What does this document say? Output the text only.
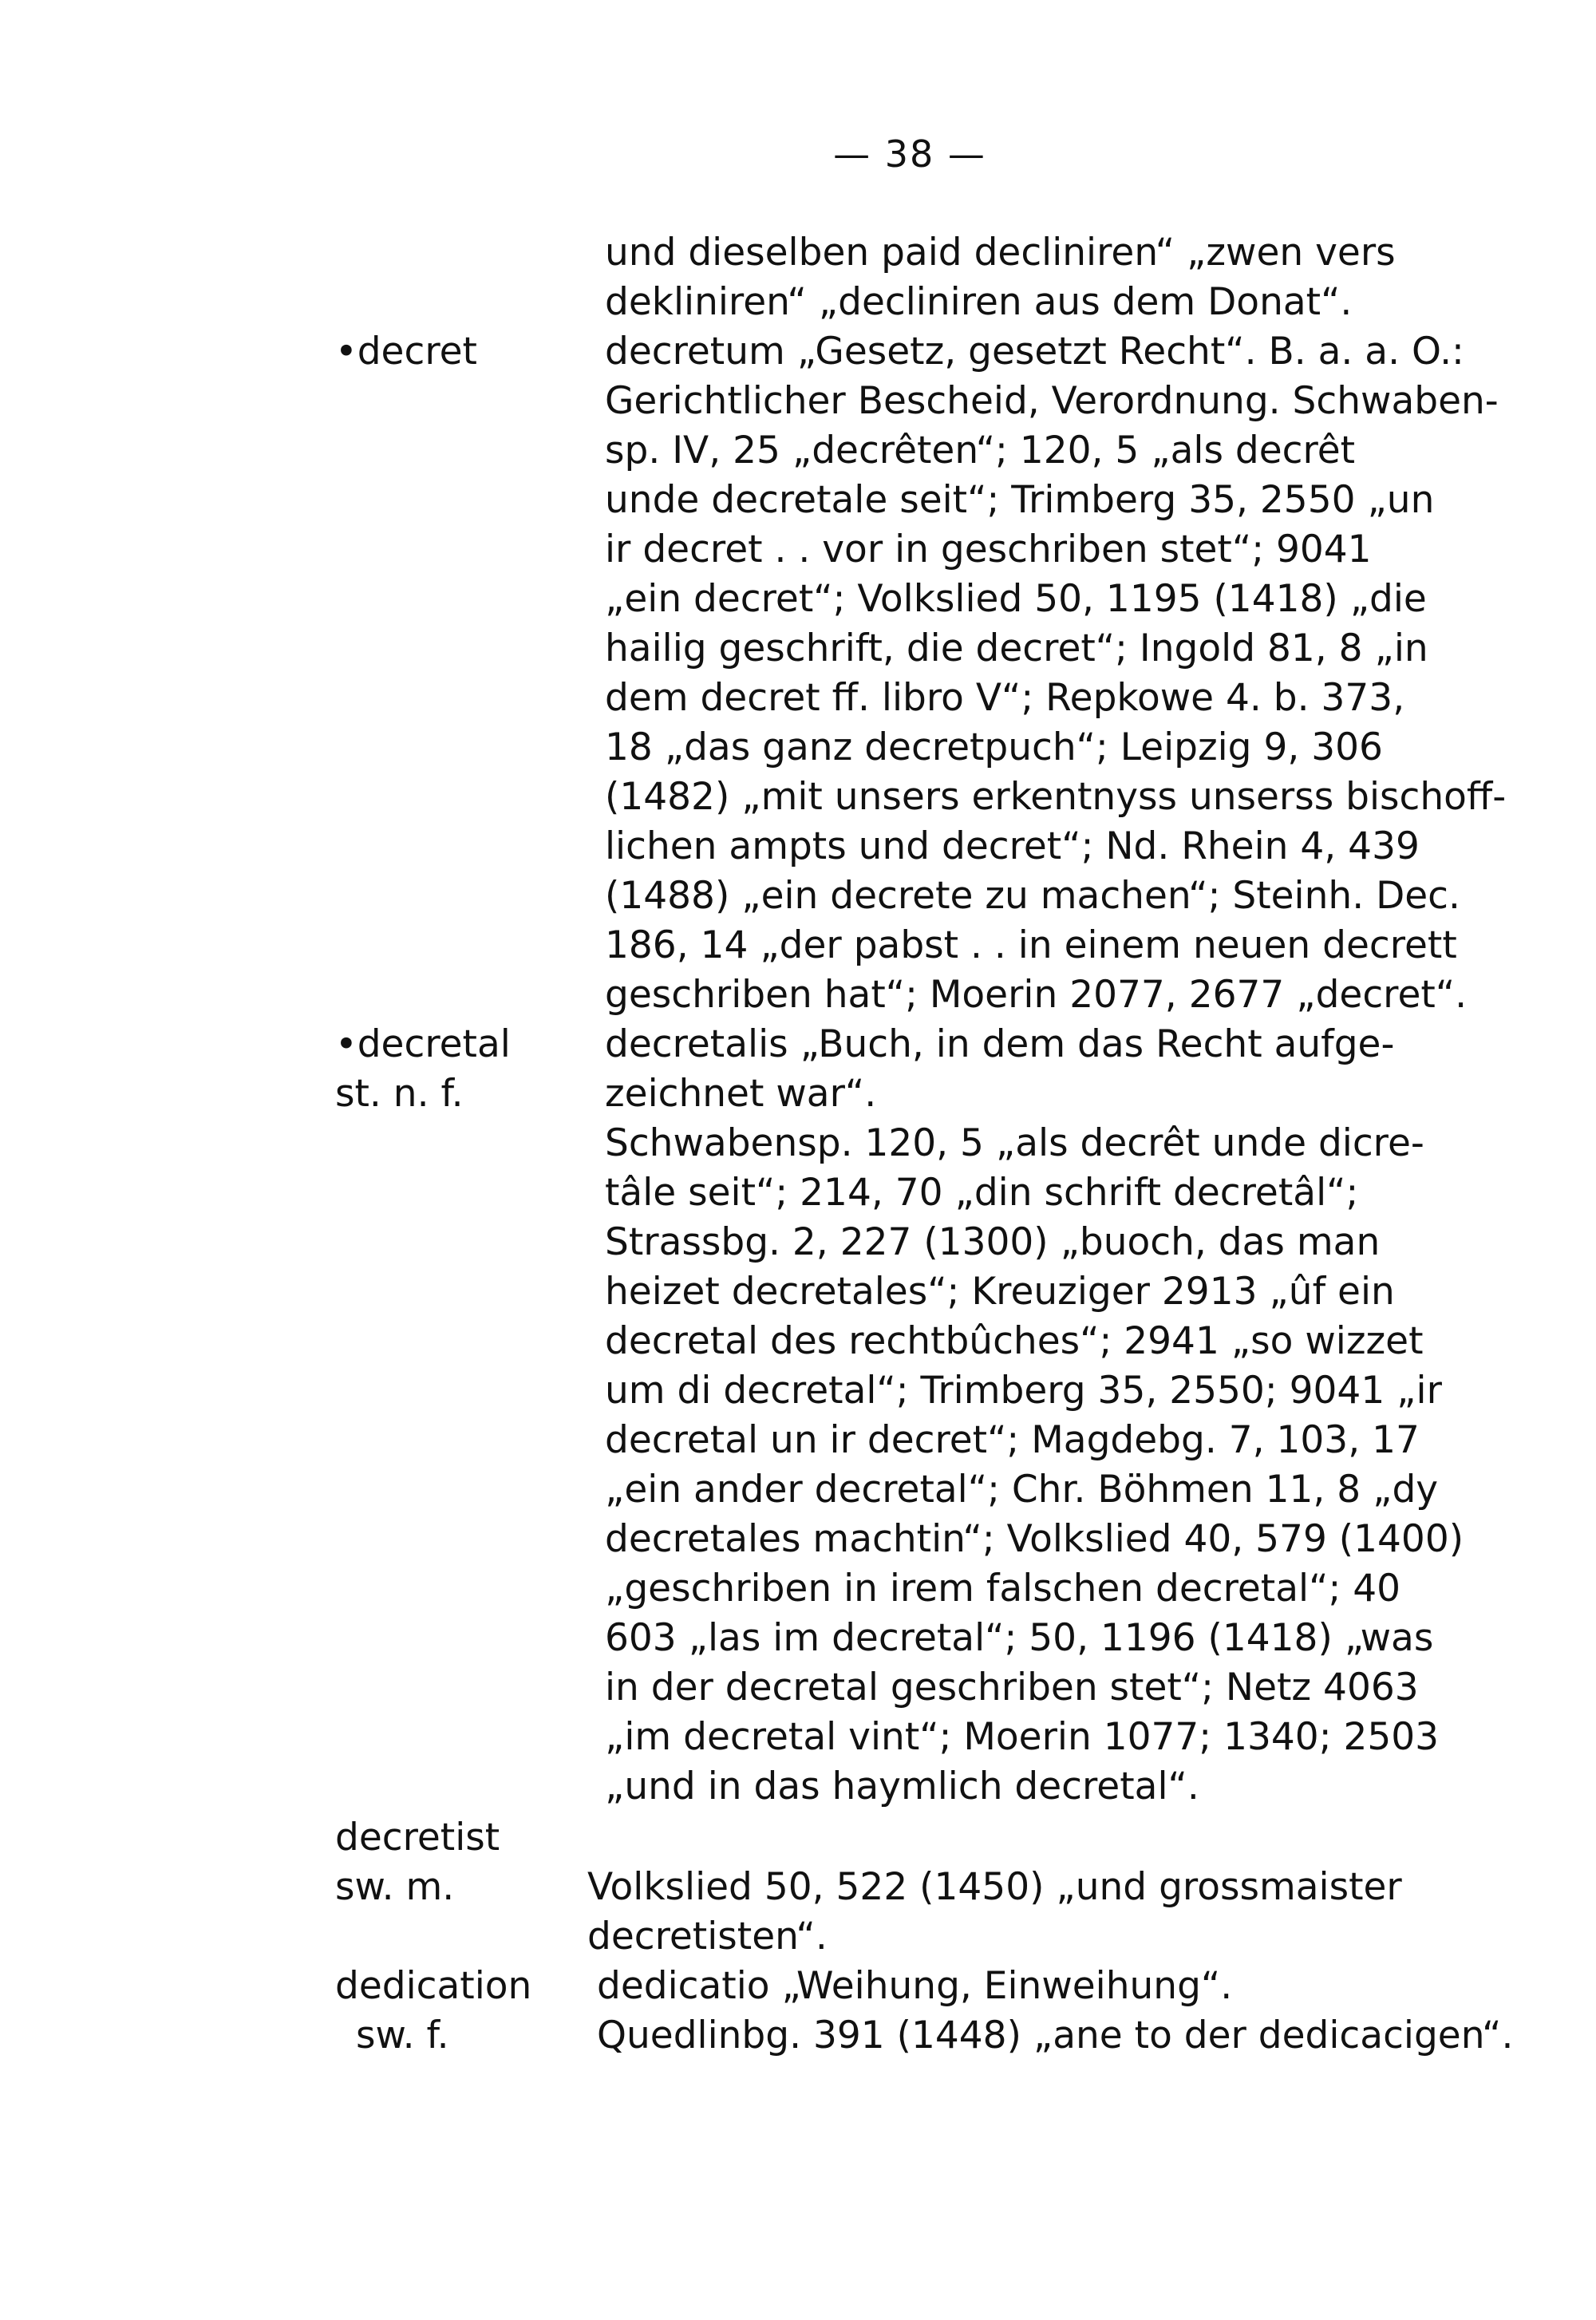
— 38 —
und dieselben paid decliniren“ „zwen vers
dekliniren“ „decliniren aus dem Donat“.
•decret	decretum „Gesetz, gesetzt Recht“. B. a. a. O.:
Gerichtlicher Bescheid, Verordnung. Schwaben-
sp. IV, 25 „decrêten“; 120, 5 „als decrêt
unde decretale seit“; Trimberg 35, 2550 „un
ir decret . . vor in geschriben stet“; 9041
„ein decret“; Volkslied 50, 1195 (1418) „die
hailig geschrift, die decret“; Ingold 81, 8 „in
dem decret ff. libro V“; Repkowe 4. b. 373,
18 „das ganz decretpuch“; Leipzig 9, 306
(1482) „mit unsers erkentnyss unserss bischoff-
lichen ampts und decret“; Nd. Rhein 4, 439
(1488) „ein decrete zu machen“; Steinh. Dec.
186, 14 „der pabst . . in einem neuen decrett
geschriben hat“; Moerin 2077, 2677 „decret“.
•decretal
st. n. f.
decretalis „Buch, in dem das Recht aufge-
zeichnet war“.
Schwabensp. 120, 5 „als decrêt unde dicre-
tâle seit“; 214, 70 „din schrift decretâl“;
Strassbg. 2, 227 (1300) „buoch, das man
heizet decretales“; Kreuziger 2913 „ûf ein
decretal des rechtbûches“; 2941 „so wizzet
um di decretal“; Trimberg 35, 2550; 9041 „ir
decretal un ir decret“; Magdebg. 7, 103, 17
„ein ander decretal“; Chr. Böhmen 11, 8 „dy
decretales machtin“; Volkslied 40, 579 (1400)
„geschriben in irem falschen decretal“; 40
603 „las im decretal“; 50, 1196 (1418) „was
in der decretal geschriben stet“; Netz 4063
„im decretal vint“; Moerin 1077; 1340; 2503
„und in das haymlich decretal“.
decretist
sw. m.	Volkslied 50, 522 (1450) „und grossmaister
decretisten“.
dedication
sw. f.
dedicatio „Weihung, Einweihung“.
Quedlinbg. 391 (1448) „ane to der dedicacigen“.
